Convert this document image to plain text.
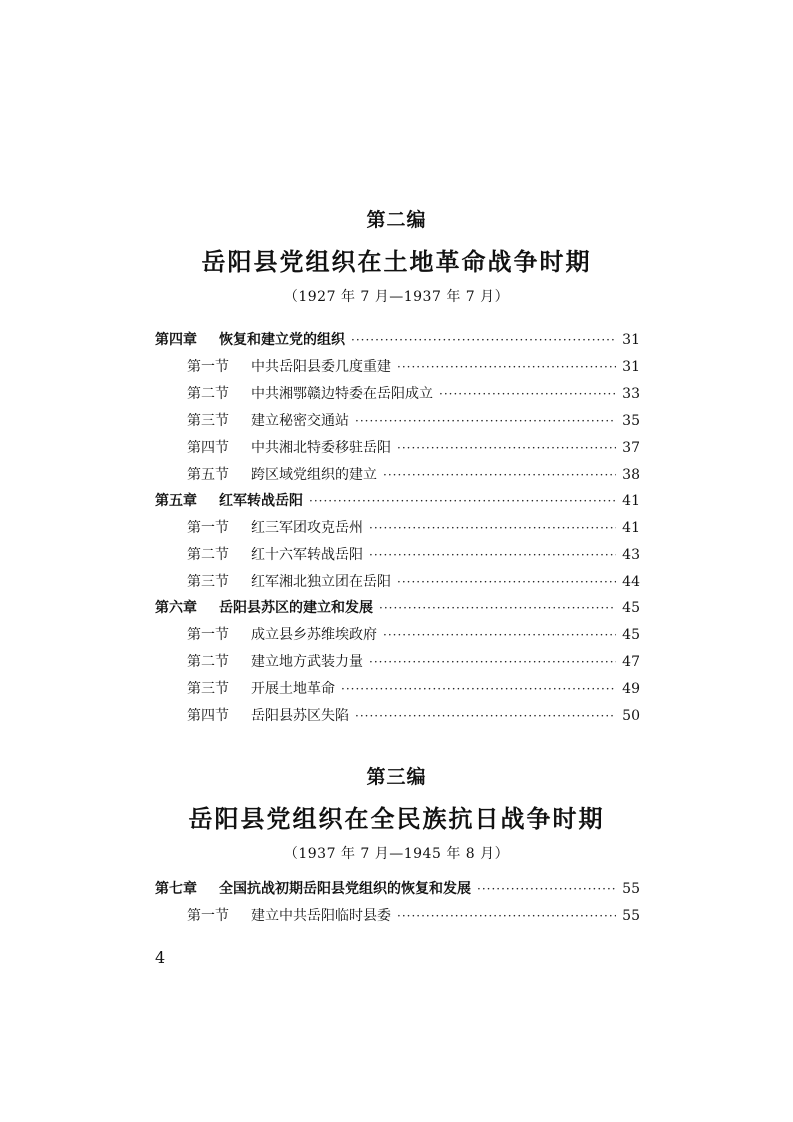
第二编
岳阳县党组织在土地革命战争时期
（1927 年 7 月—1937 年 7 月）
第四章	恢复和建立党的组织 ·····	31
第一节	中共岳阳县委几度重建 ·····	31
第二节	中共湘鄂赣边特委在岳阳成立 ·····	33
第三节	建立秘密交通站 ·····	35
第四节	中共湘北特委移驻岳阳 ·····	37
第五节	跨区域党组织的建立 ·····	38
第五章	红军转战岳阳 ·····	41
第一节	红三军团攻克岳州 ·····	41
第二节	红十六军转战岳阳 ·····	43
第三节	红军湘北独立团在岳阳 ·····	44
第六章	岳阳县苏区的建立和发展 ·····	45
第一节	成立县乡苏维埃政府 ·····	45
第二节	建立地方武装力量 ·····	47
第三节	开展土地革命 ·····	49
第四节	岳阳县苏区失陷 ·····	50
第三编
岳阳县党组织在全民族抗日战争时期
（1937 年 7 月—1945 年 8 月）
第七章	全国抗战初期岳阳县党组织的恢复和发展 ·····	55
第一节	建立中共岳阳临时县委 ·····	55
4
